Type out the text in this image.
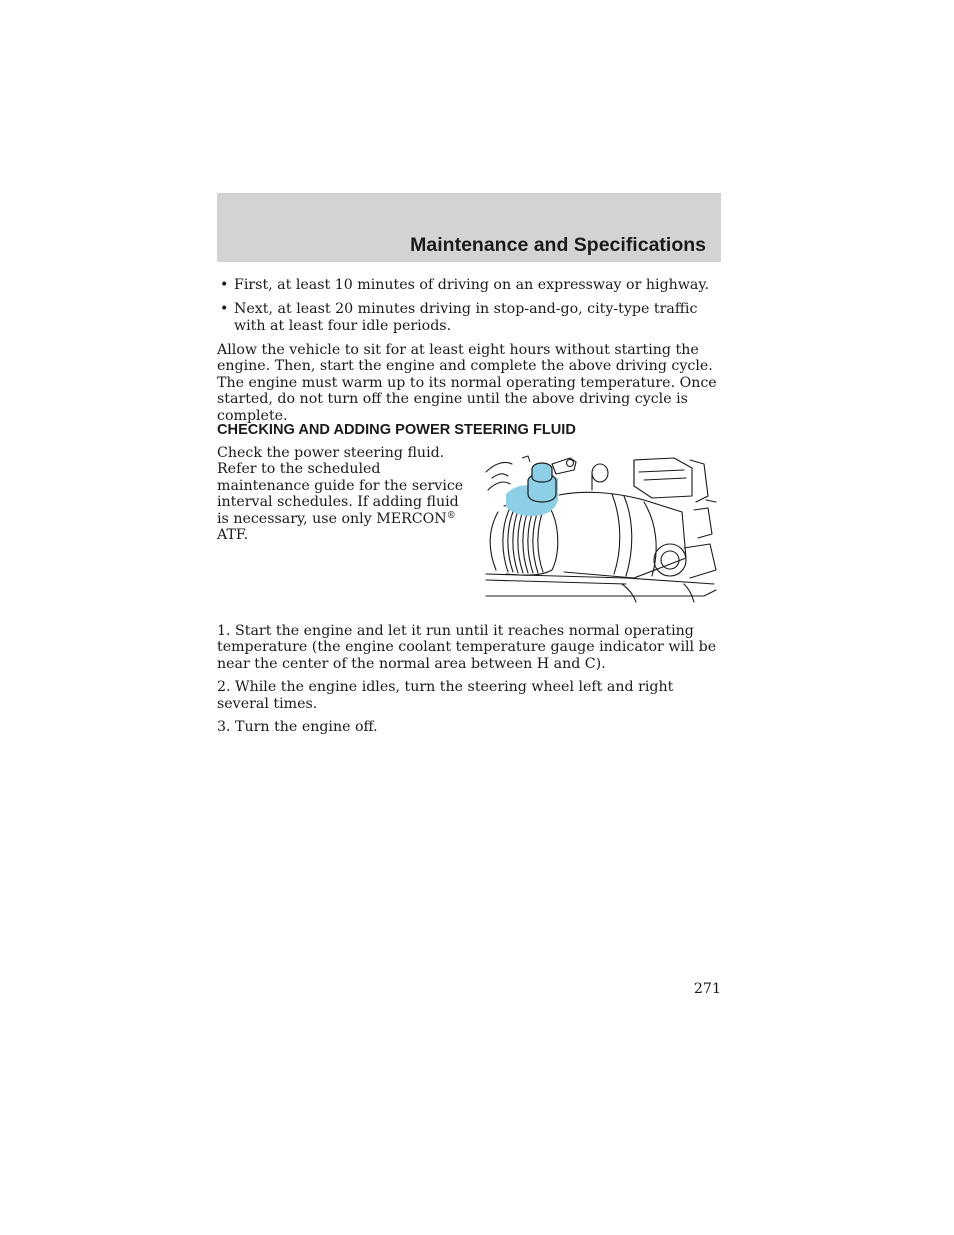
Maintenance and Specifications
• First, at least 10 minutes of driving on an expressway or highway.
• Next, at least 20 minutes driving in stop-and-go, city-type traffic with at least four idle periods.
Allow the vehicle to sit for at least eight hours without starting the engine. Then, start the engine and complete the above driving cycle. The engine must warm up to its normal operating temperature. Once started, do not turn off the engine until the above driving cycle is complete.
CHECKING AND ADDING POWER STEERING FLUID
Check the power steering fluid. Refer to the scheduled maintenance guide for the service interval schedules. If adding fluid is necessary, use only MERCON® ATF.
1. Start the engine and let it run until it reaches normal operating temperature (the engine coolant temperature gauge indicator will be near the center of the normal area between H and C).
2. While the engine idles, turn the steering wheel left and right several times.
3. Turn the engine off.
271
